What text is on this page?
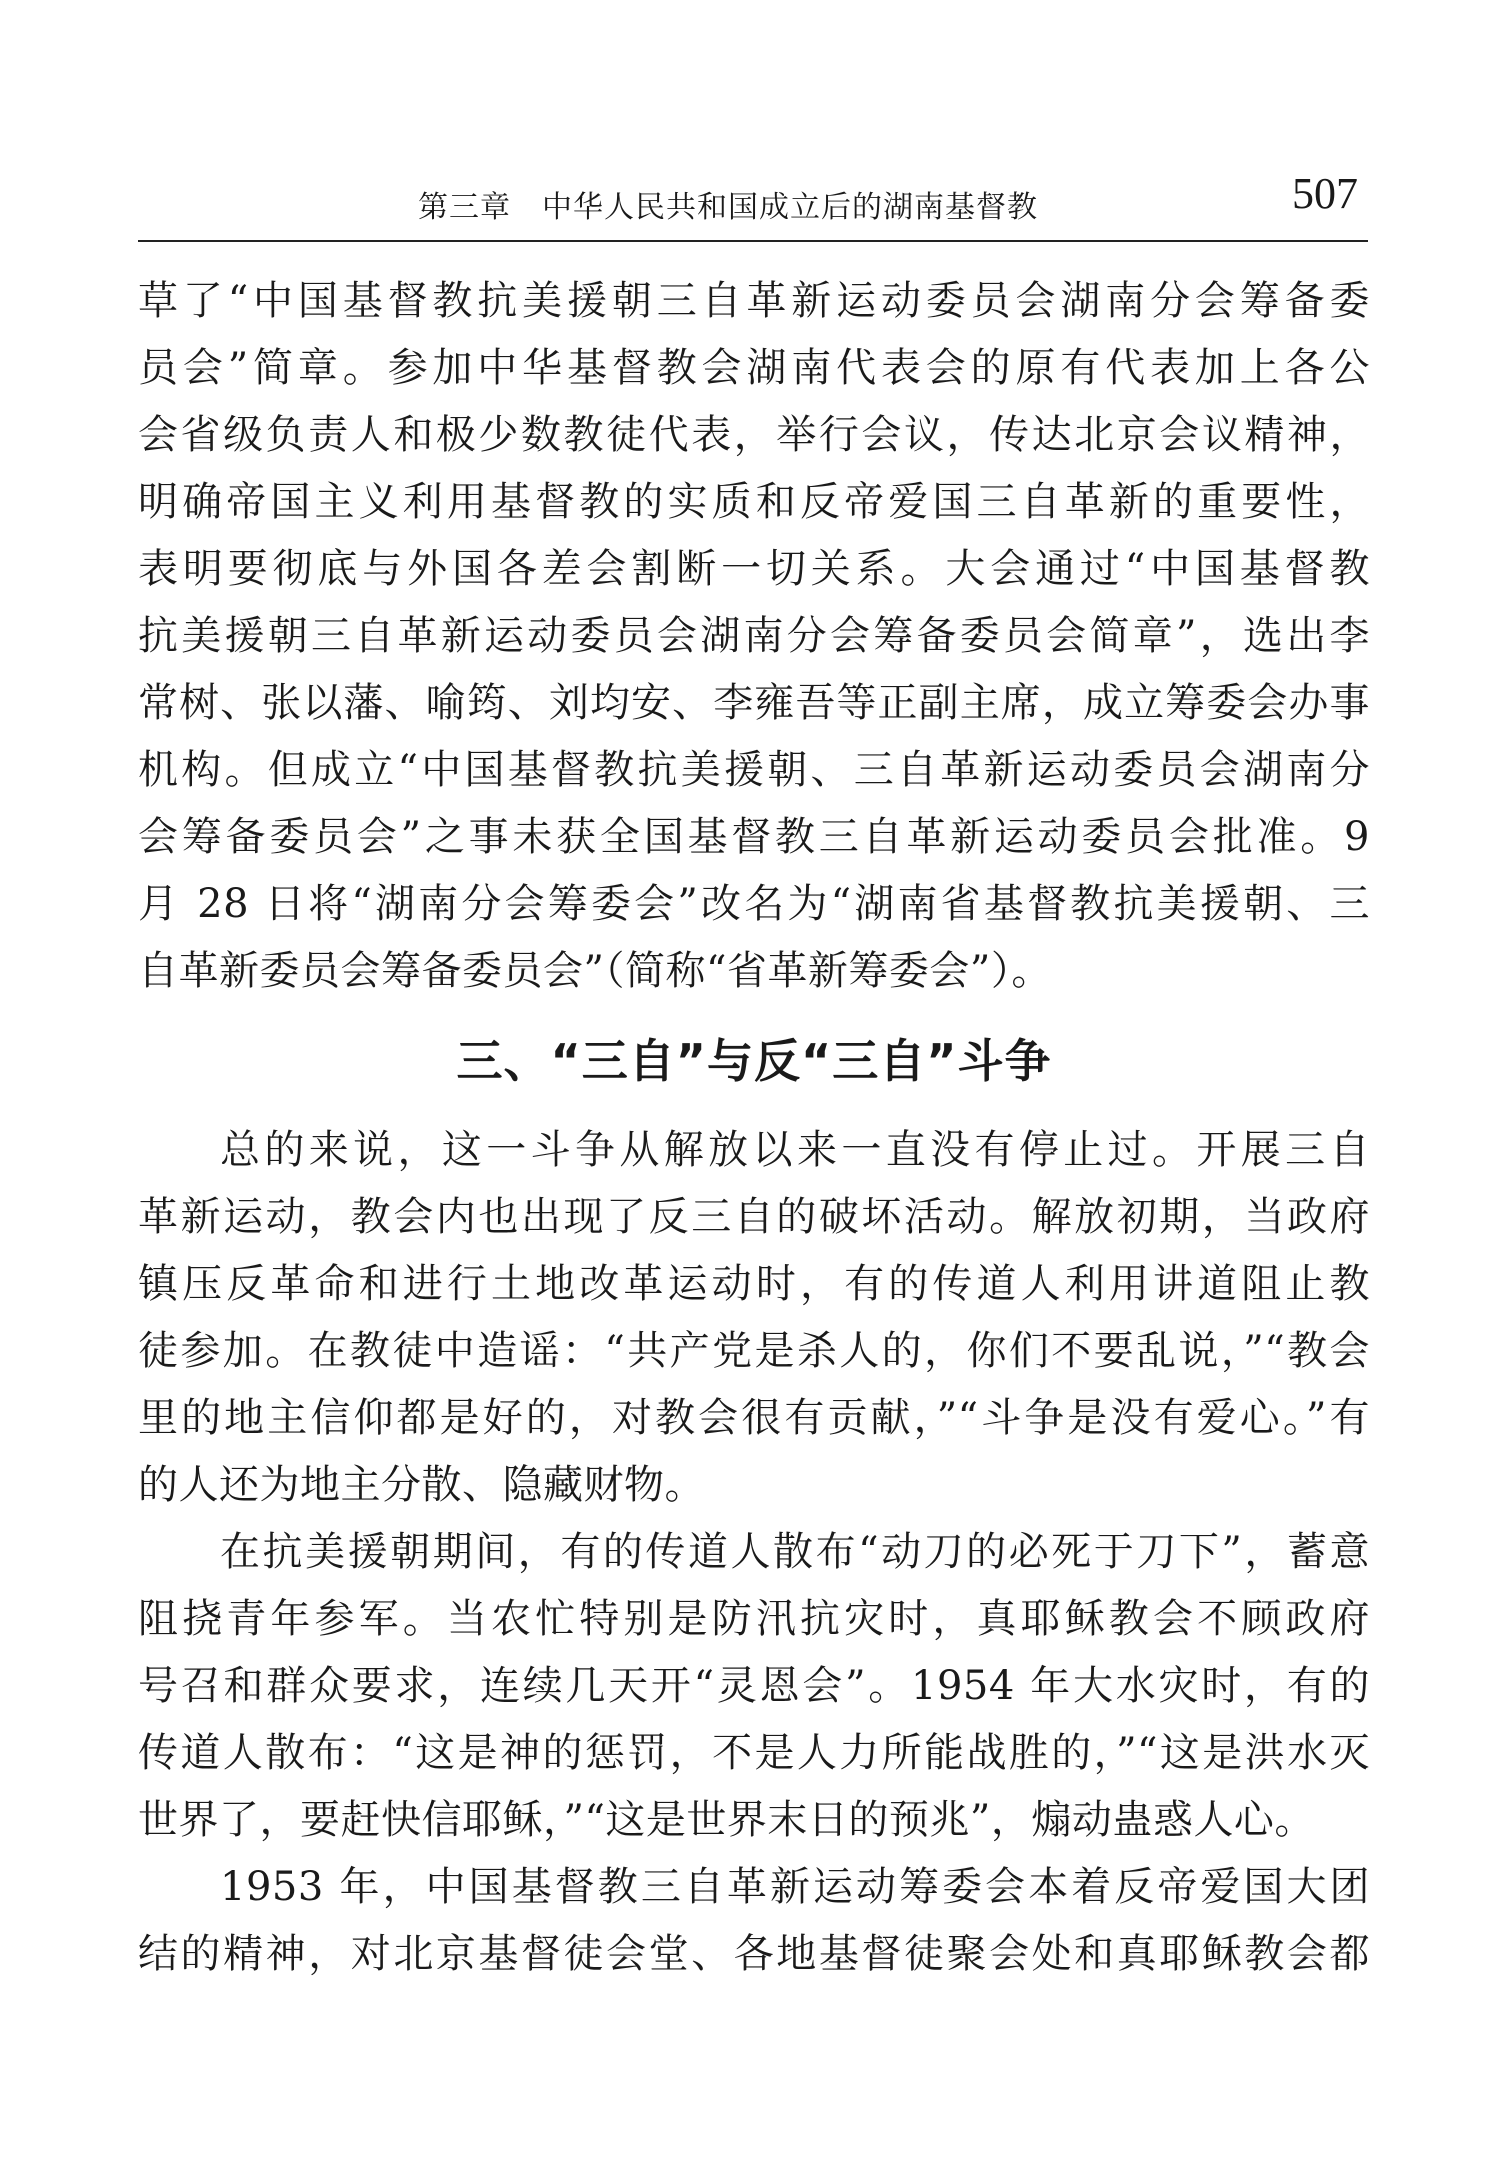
第三章　中华人民共和国成立后的湖南基督教	507
草了“中国基督教抗美援朝三自革新运动委员会湖南分会筹备委
员会”简章。参加中华基督教会湖南代表会的原有代表加上各公
会省级负责人和极少数教徒代表，举行会议，传达北京会议精神，
明确帝国主义利用基督教的实质和反帝爱国三自革新的重要性，
表明要彻底与外国各差会割断一切关系。大会通过“中国基督教
抗美援朝三自革新运动委员会湖南分会筹备委员会简章”，选出李
常树、张以藩、喻筠、刘均安、李雍吾等正副主席，成立筹委会办事
机构。但成立“中国基督教抗美援朝、三自革新运动委员会湖南分
会筹备委员会”之事未获全国基督教三自革新运动委员会批准。9
月 28 日将“湖南分会筹委会”改名为“湖南省基督教抗美援朝、三
自革新委员会筹备委员会”（简称“省革新筹委会”）。
三、“三自”与反“三自”斗争
总的来说，这一斗争从解放以来一直没有停止过。开展三自
革新运动，教会内也出现了反三自的破坏活动。解放初期，当政府
镇压反革命和进行土地改革运动时，有的传道人利用讲道阻止教
徒参加。在教徒中造谣：“共产党是杀人的，你们不要乱说，”“教会
里的地主信仰都是好的，对教会很有贡献，”“斗争是没有爱心。”有
的人还为地主分散、隐藏财物。
在抗美援朝期间，有的传道人散布“动刀的必死于刀下”，蓄意
阻挠青年参军。当农忙特别是防汛抗灾时，真耶稣教会不顾政府
号召和群众要求，连续几天开“灵恩会”。1954 年大水灾时，有的
传道人散布：“这是神的惩罚，不是人力所能战胜的，”“这是洪水灭
世界了，要赶快信耶稣，”“这是世界末日的预兆”，煽动蛊惑人心。
1953 年，中国基督教三自革新运动筹委会本着反帝爱国大团
结的精神，对北京基督徒会堂、各地基督徒聚会处和真耶稣教会都
